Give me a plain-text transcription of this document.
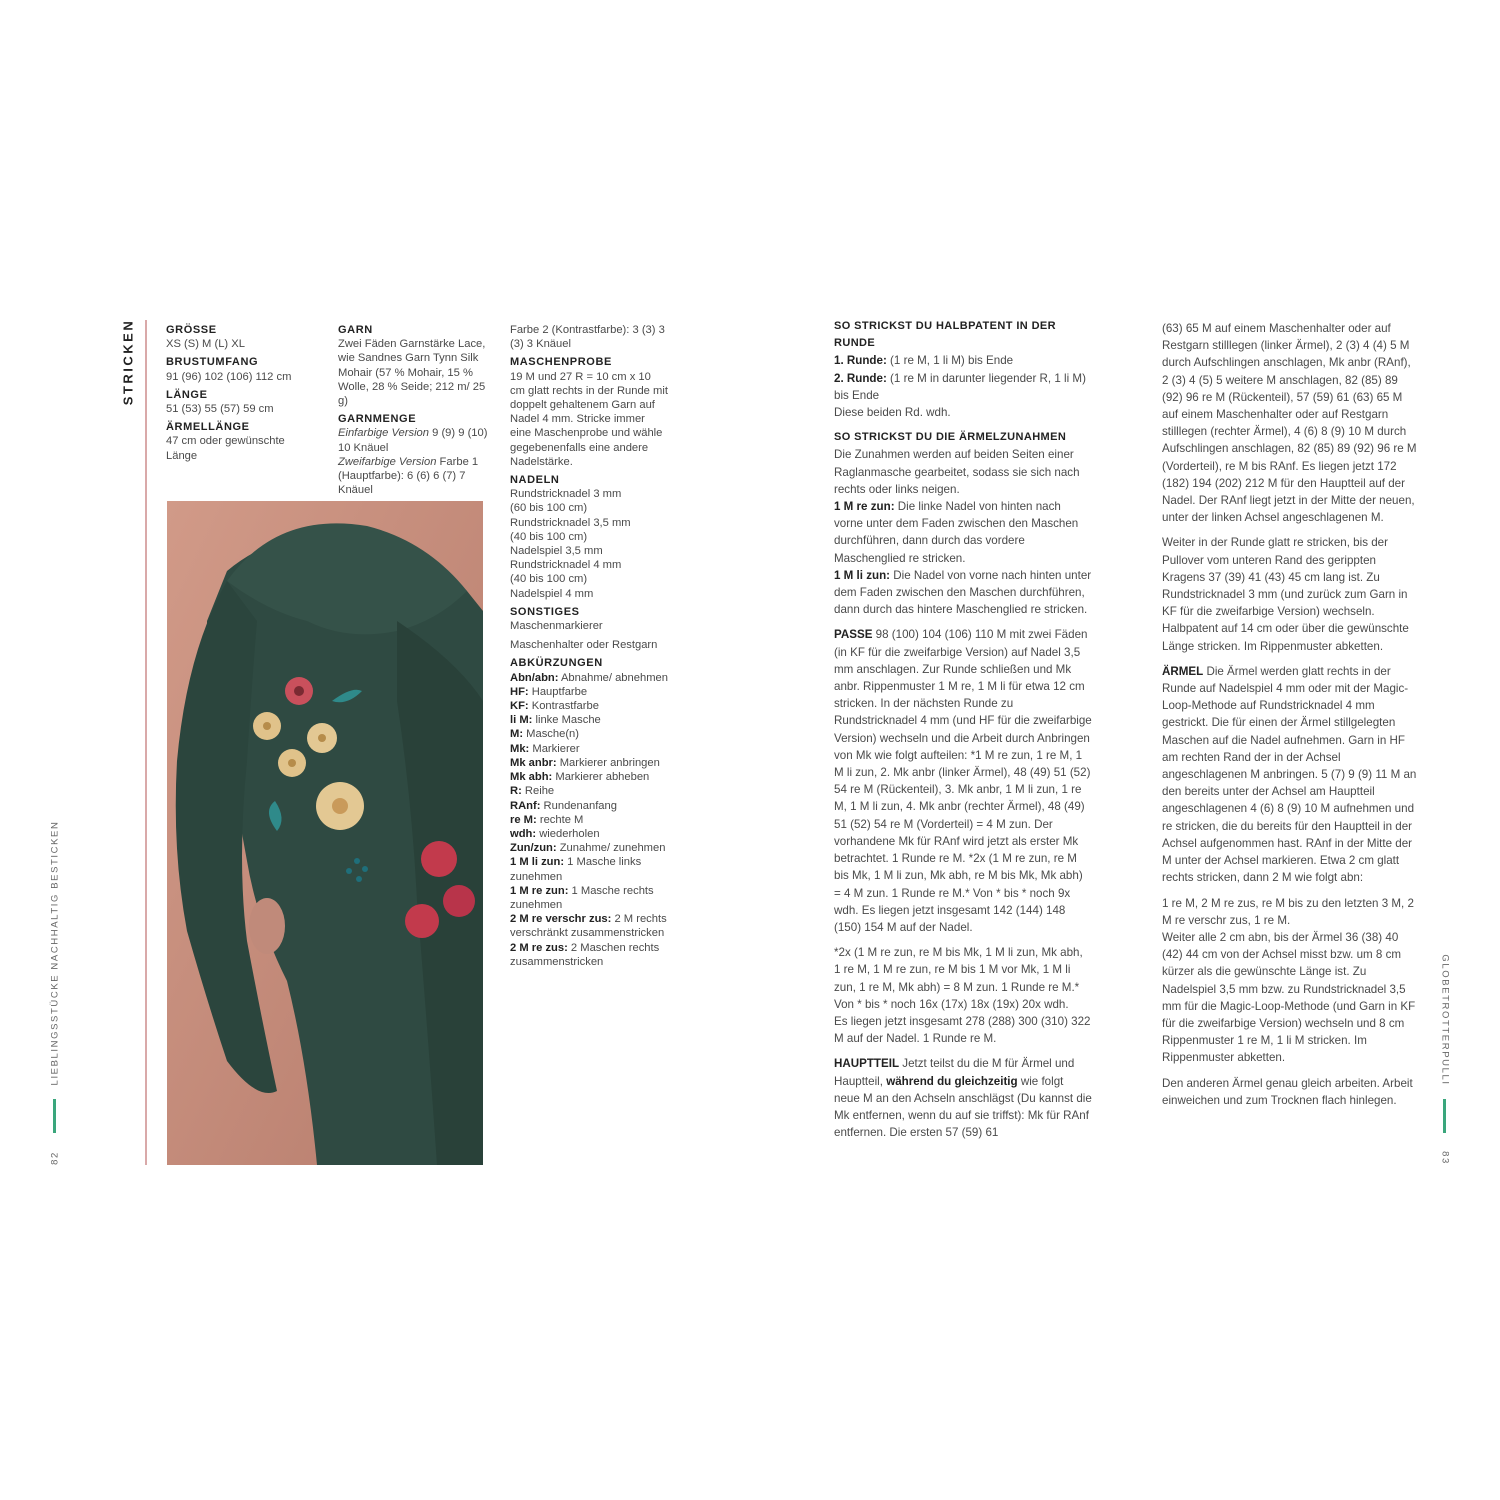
STRICKEN	GRÖSSE
XS (S) M (L) XL
BRUSTUMFANG
91 (96) 102 (106) 112 cm
LÄNGE
51 (53) 55 (57) 59 cm
ÄRMELLÄNGE
47 cm oder gewünschte Länge
GARN
Zwei Fäden Garnstärke Lace, wie Sandnes Garn Tynn Silk Mohair (57 % Mohair, 15 % Wolle, 28 % Seide; 212 m/ 25 g)
GARNMENGE
Einfarbige Version 9 (9) 9 (10) 10 Knäuel
Zweifarbige Version Farbe 1 (Hauptfarbe): 6 (6) 6 (7) 7 Knäuel
Farbe 2 (Kontrastfarbe): 3 (3) 3 (3) 3 Knäuel
MASCHENPROBE
19 M und 27 R = 10 cm x 10 cm glatt rechts in der Runde mit doppelt gehaltenem Garn auf Nadel 4 mm. Stricke immer eine Maschenprobe und wähle gegebenenfalls eine andere Nadelstärke.
NADELN
Rundstricknadel 3 mm
(60 bis 100 cm)
Rundstricknadel 3,5 mm
(40 bis 100 cm)
Nadelspiel 3,5 mm
Rundstricknadel 4 mm
(40 bis 100 cm)
Nadelspiel 4 mm
SONSTIGES
Maschenmarkierer
Maschenhalter oder Restgarn
ABKÜRZUNGEN
Abn/abn: Abnahme/ abnehmen
HF: Hauptfarbe
KF: Kontrastfarbe
li M: linke Masche
M: Masche(n)
Mk: Markierer
Mk anbr: Markierer anbringen
Mk abh: Markierer abheben
R: Reihe
RAnf: Rundenanfang
re M: rechte M
wdh: wiederholen
Zun/zun: Zunahme/ zunehmen
1 M li zun: 1 Masche links zunehmen
1 M re zun: 1 Masche rechts zunehmen
2 M re verschr zus: 2 M rechts verschränkt zusammenstricken
2 M re zus: 2 Maschen rechts zusammenstricken
LIEBLINGSSTÜCKE NACHHALTIG BESTICKEN
82
SO STRICKST DU HALBPATENT IN DER RUNDE
1. Runde: (1 re M, 1 li M) bis Ende
2. Runde: (1 re M in darunter liegender R, 1 li M) bis Ende
Diese beiden Rd. wdh.
SO STRICKST DU DIE ÄRMELZUNAHMEN
Die Zunahmen werden auf beiden Seiten einer Raglanmasche gearbeitet, sodass sie sich nach rechts oder links neigen.
1 M re zun: Die linke Nadel von hinten nach vorne unter dem Faden zwischen den Maschen durchführen, dann durch das vordere Maschenglied re stricken.
1 M li zun: Die Nadel von vorne nach hinten unter dem Faden zwischen den Maschen durchführen, dann durch das hintere Maschenglied re stricken.
PASSE 98 (100) 104 (106) 110 M mit zwei Fäden (in KF für die zweifarbige Version) auf Nadel 3,5 mm anschlagen. Zur Runde schließen und Mk anbr. Rippenmuster 1 M re, 1 M li für etwa 12 cm stricken. In der nächsten Runde zu Rundstricknadel 4 mm (und HF für die zweifarbige Version) wechseln und die Arbeit durch Anbringen von Mk wie folgt aufteilen: *1 M re zun, 1 re M, 1 M li zun, 2. Mk anbr (linker Ärmel), 48 (49) 51 (52) 54 re M (Rückenteil), 3. Mk anbr, 1 M li zun, 1 re M, 1 M li zun, 4. Mk anbr (rechter Ärmel), 48 (49) 51 (52) 54 re M (Vorderteil) = 4 M zun. Der vorhandene Mk für RAnf wird jetzt als erster Mk betrachtet. 1 Runde re M. *2x (1 M re zun, re M bis Mk, 1 M li zun, Mk abh, re M bis Mk, Mk abh) = 4 M zun. 1 Runde re M.* Von * bis * noch 9x wdh. Es liegen jetzt insgesamt 142 (144) 148 (150) 154 M auf der Nadel.
*2x (1 M re zun, re M bis Mk, 1 M li zun, Mk abh, 1 re M, 1 M re zun, re M bis 1 M vor Mk, 1 M li zun, 1 re M, Mk abh) = 8 M zun. 1 Runde re M.* Von * bis * noch 16x (17x) 18x (19x) 20x wdh.
Es liegen jetzt insgesamt 278 (288) 300 (310) 322 M auf der Nadel. 1 Runde re M.
HAUPTTEIL Jetzt teilst du die M für Ärmel und Hauptteil, während du gleichzeitig wie folgt neue M an den Achseln anschlägst (Du kannst die Mk entfernen, wenn du auf sie triffst): Mk für RAnf entfernen. Die ersten 57 (59) 61
(63) 65 M auf einem Maschenhalter oder auf Restgarn stilllegen (linker Ärmel), 2 (3) 4 (4) 5 M durch Aufschlingen anschlagen, Mk anbr (RAnf), 2 (3) 4 (5) 5 weitere M anschlagen, 82 (85) 89 (92) 96 re M (Rückenteil), 57 (59) 61 (63) 65 M auf einem Maschenhalter oder auf Restgarn stilllegen (rechter Ärmel), 4 (6) 8 (9) 10 M durch Aufschlingen anschlagen, 82 (85) 89 (92) 96 re M (Vorderteil), re M bis RAnf. Es liegen jetzt 172 (182) 194 (202) 212 M für den Hauptteil auf der Nadel. Der RAnf liegt jetzt in der Mitte der neuen, unter der linken Achsel angeschlagenen M.
Weiter in der Runde glatt re stricken, bis der Pullover vom unteren Rand des gerippten Kragens 37 (39) 41 (43) 45 cm lang ist. Zu Rundstricknadel 3 mm (und zurück zum Garn in KF für die zweifarbige Version) wechseln. Halbpatent auf 14 cm oder über die gewünschte Länge stricken. Im Rippenmuster abketten.
ÄRMEL Die Ärmel werden glatt rechts in der Runde auf Nadelspiel 4 mm oder mit der Magic-Loop-Methode auf Rundstricknadel 4 mm gestrickt. Die für einen der Ärmel stillgelegten Maschen auf die Nadel aufnehmen. Garn in HF am rechten Rand der in der Achsel angeschlagenen M anbringen. 5 (7) 9 (9) 11 M an den bereits unter der Achsel am Hauptteil angeschlagenen 4 (6) 8 (9) 10 M aufnehmen und re stricken, die du bereits für den Hauptteil in der Achsel aufgenommen hast. RAnf in der Mitte der M unter der Achsel markieren. Etwa 2 cm glatt rechts stricken, dann 2 M wie folgt abn:
1 re M, 2 M re zus, re M bis zu den letzten 3 M, 2 M re verschr zus, 1 re M.
Weiter alle 2 cm abn, bis der Ärmel 36 (38) 40 (42) 44 cm von der Achsel misst bzw. um 8 cm kürzer als die gewünschte Länge ist. Zu Nadelspiel 3,5 mm bzw. zu Rundstricknadel 3,5 mm für die Magic-Loop-Methode (und Garn in KF für die zweifarbige Version) wechseln und 8 cm Rippenmuster 1 re M, 1 li M stricken. Im Rippenmuster abketten.
Den anderen Ärmel genau gleich arbeiten. Arbeit einweichen und zum Trocknen flach hinlegen.
GLOBETROTTERPULLI
83
